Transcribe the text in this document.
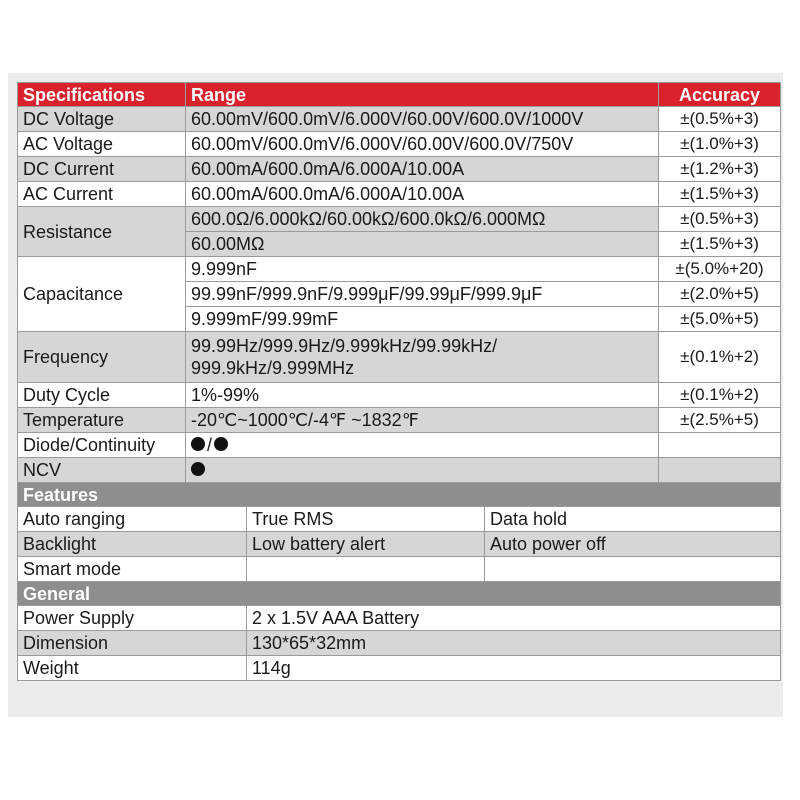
Specifications	Range			Accuracy
DC Voltage	60.00mV/600.0mV/6.000V/60.00V/600.0V/1000V			±(0.5%+3)
AC Voltage	60.00mV/600.0mV/6.000V/60.00V/600.0V/750V			±(1.0%+3)
DC Current	60.00mA/600.0mA/6.000A/10.00A			±(1.2%+3)
AC Current	60.00mA/600.0mA/6.000A/10.00A			±(1.5%+3)
Resistance	600.0Ω/6.000kΩ/60.00kΩ/600.0kΩ/6.000MΩ			±(0.5%+3)
	60.00MΩ			±(1.5%+3)
Capacitance	9.999nF			±(5.0%+20)
	99.99nF/999.9nF/9.999μF/99.99μF/999.9μF			±(2.0%+5)
	9.999mF/99.99mF			±(5.0%+5)
Frequency	99.99Hz/999.9Hz/9.999kHz/99.99kHz/
999.9kHz/9.999MHz			±(0.1%+2)
Duty Cycle	1%-99%			±(0.1%+2)
Temperature	-20℃~1000℃/-4℉ ~1832℉			±(2.5%+5)
Diode/Continuity	/			
NCV				
Features				
Auto ranging		True RMS	Data hold	
Backlight		Low battery alert	Auto power off	
Smart mode				
General				
Power Supply		2 x 1.5V AAA Battery		
Dimension		130*65*32mm		
Weight		114g		
